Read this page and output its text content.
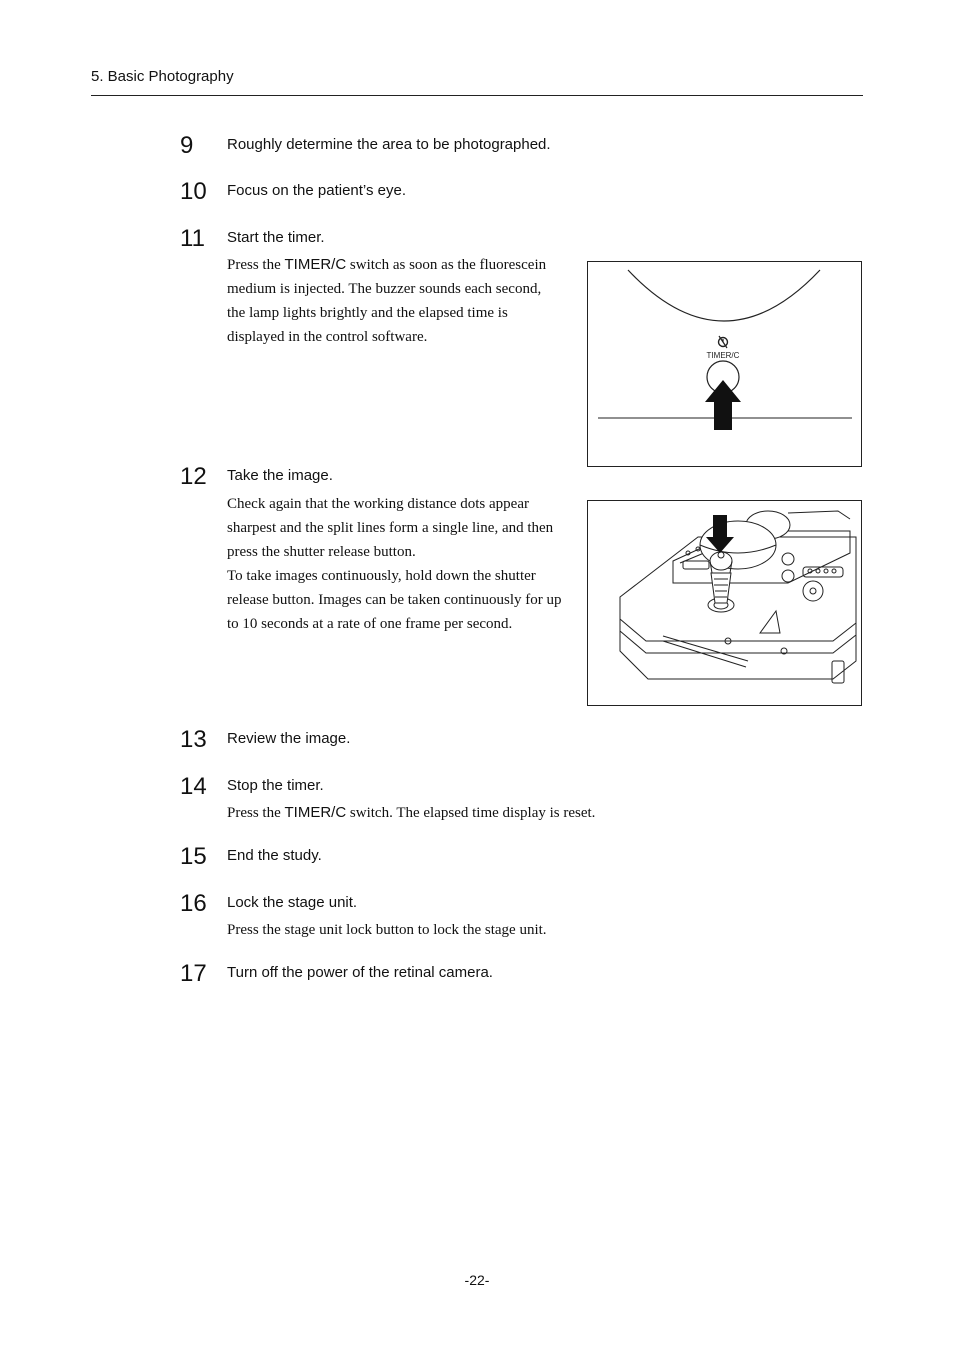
5. Basic Photography
9 Roughly determine the area to be photographed.
10 Focus on the patient’s eye.
11 Start the timer.
Press the TIMER/C switch as soon as the fluorescein
medium is injected. The buzzer sounds each second,
the lamp lights brightly and the elapsed time is
displayed in the control software.
TIMER/C
12 Take the image.
Check again that the working distance dots appear
sharpest and the split lines form a single line, and then
press the shutter release button.
To take images continuously, hold down the shutter
release button. Images can be taken continuously for up
to 10 seconds at a rate of one frame per second.
13 Review the image.
14 Stop the timer.
Press the TIMER/C switch. The elapsed time display is reset.
15 End the study.
16 Lock the stage unit.
Press the stage unit lock button to lock the stage unit.
17 Turn off the power of the retinal camera.
-22-
